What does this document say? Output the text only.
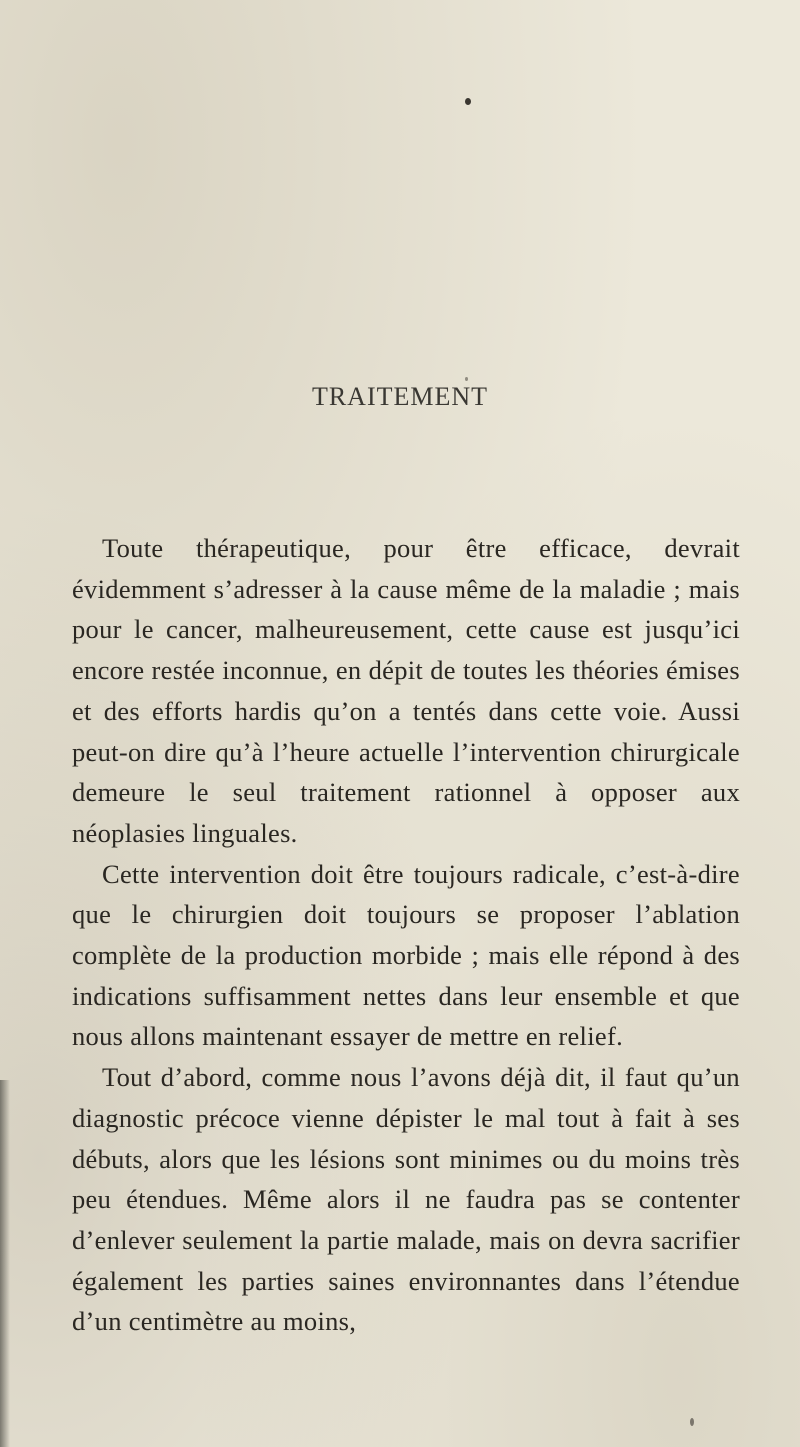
TRAITEMENT

Toute thérapeutique, pour être efficace, devrait évidemment s’adresser à la cause même de la maladie ; mais pour le cancer, malheureusement, cette cause est jusqu’ici encore restée inconnue, en dépit de toutes les théories émises et des efforts hardis qu’on a tentés dans cette voie. Aussi peut-on dire qu’à l’heure actuelle l’intervention chirurgicale demeure le seul traitement rationnel à opposer aux néoplasies linguales.

Cette intervention doit être toujours radicale, c’est-à-dire que le chirurgien doit toujours se proposer l’ablation complète de la production morbide ; mais elle répond à des indications suffisamment nettes dans leur ensemble et que nous allons maintenant essayer de mettre en relief.

Tout d’abord, comme nous l’avons déjà dit, il faut qu’un diagnostic précoce vienne dépister le mal tout à fait à ses débuts, alors que les lésions sont minimes ou du moins très peu étendues. Même alors il ne faudra pas se contenter d’enlever seulement la partie malade, mais on devra sacrifier également les parties saines environnantes dans l’étendue d’un centimètre au moins,
